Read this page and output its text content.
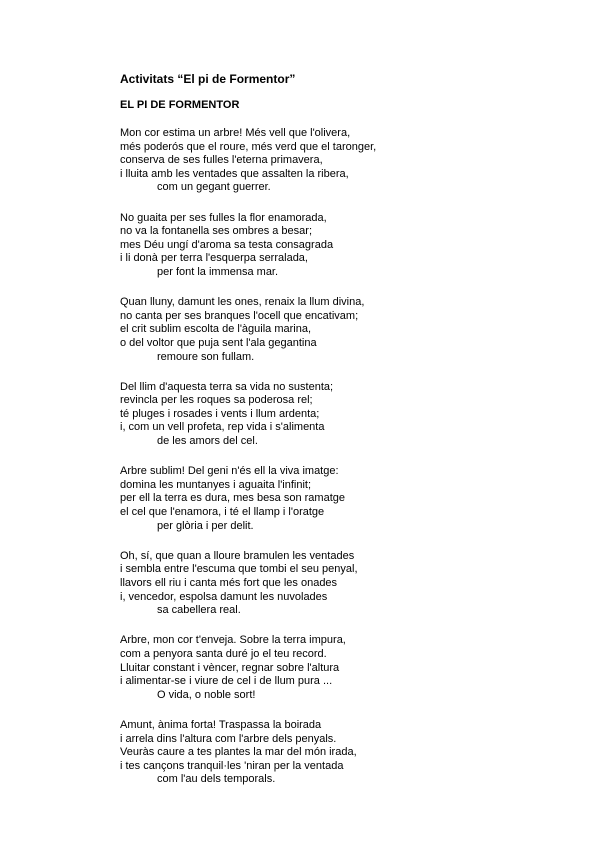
Activitats “El pi de Formentor”
EL PI DE FORMENTOR
Mon cor estima un arbre! Més vell que l'olivera,
més poderós que el roure, més verd que el taronger,
conserva de ses fulles l'eterna primavera,
i lluita amb les ventades que assalten la ribera,
com un gegant guerrer.
No guaita per ses fulles la flor enamorada,
no va la fontanella ses ombres a besar;
mes Déu ungí d'aroma sa testa consagrada
i li donà per terra l'esquerpa serralada,
per font la immensa mar.
Quan lluny, damunt les ones, renaix la llum divina,
no canta per ses branques l'ocell que encativam;
el crit sublim escolta de l'àguila marina,
o del voltor que puja sent l'ala gegantina
remoure son fullam.
Del llim d'aquesta terra sa vida no sustenta;
revincla per les roques sa poderosa rel;
té pluges i rosades i vents i llum ardenta;
i, com un vell profeta, rep vida i s'alimenta
de les amors del cel.
Arbre sublim! Del geni n'és ell la viva imatge:
domina les muntanyes i aguaita l'infinit;
per ell la terra es dura, mes besa son ramatge
el cel que l'enamora, i té el llamp i l'oratge
per glòria i per delit.
Oh, sí, que quan a lloure bramulen les ventades
i sembla entre l'escuma que tombi el seu penyal,
llavors ell riu i canta més fort que les onades
i, vencedor, espolsa damunt les nuvolades
sa cabellera real.
Arbre, mon cor t'enveja. Sobre la terra impura,
com a penyora santa duré jo el teu record.
Lluitar constant i vèncer, regnar sobre l'altura
i alimentar-se i viure de cel i de llum pura ...
O vida, o noble sort!
Amunt, ànima forta! Traspassa la boirada
i arrela dins l'altura com l'arbre dels penyals.
Veuràs caure a tes plantes la mar del món irada,
i tes cançons tranquil·les 'niran per la ventada
com l'au dels temporals.
